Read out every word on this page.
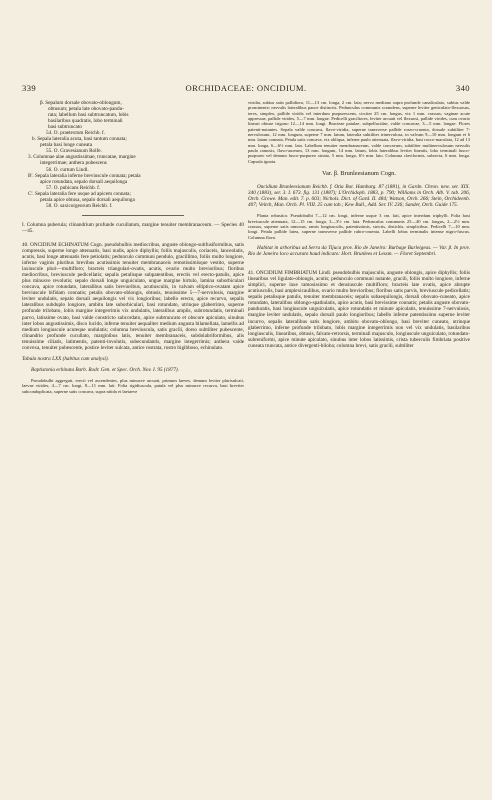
339	ORCHIDACEAE: ONCIDIUM.	340
β. Sepalum dorsale obovato-oblongum,
obtusum; petala late obovato-pandu-
rata; labellum basi subtruncatum, lobis
basilaribus quadratis, lobo terminali
basi subtruncato
54. O. praetextum Reichb. f.
b. Sepala lateralia acuta, basi tantum connata;
petala basi longe cuneata
55. O. Gravesianum Rolfe.
3. Columnae alae angustissimae, truncatae, margine
integerrimae; anthera pubescens
56. O. curtum Lindl.
B'. Sepala lateralia inferne breviuscule connata; petala
apice rotundata, sepalo dorsali aequilonga
57. O. pubicans Reichb. f.
C'. Sepala lateralia fere usque ad apicem connata;
petala apice obtusa, sepalo dorsali aequilonga
58. O. saxicorgeorum Reichb. f.
I. Columna puberula; clinandrium profunde cucullatum, margine tenuiter membranaceum. — Species 40—45.
40. ONCIDIUM ECHINATUM Cogn. pseudobulbis mediocribus, anguste oblongo-subfusiformibus, satis compressis, superne longe attenuatis, basi nudis, apice diphyllis; foliis majusculis, coriaceis, lanceolatis, acutis, basi longe attenuatis fere petiolatis; pedunculo communi pendulo, gracillimo, foliis multo longiore, inferne vaginis pluribus brevibus acutissimis tenuiter membranaceis remotissimisque vestito, superne laxiuscule pluri—multifloro; bracteis triangulari-ovatis, acutis, ovario multo brevioribus; floribus mediocribus, breviuscule pedicellatis; sepalis petalisque subpatentibus, erectis vel erecto-patulis, apice plus minusve revolutis; sepalo dorsali longe unguiculato, ungue margine hirtulo, lamina suborbiculari concava, apice rotundato, lateralibus satis brevioribus, acutiusculis, in valvam elliptico-ovatam apice breviuscule bifidam connatis; petalis obovato-oblongis, obtusis, tenuissime 5—7-nervulosis, margine leviter undulatis, sepalo dorsali aequilongis vel vix longioribus; labello erecto, apice recurvo, sepalis lateralibus subduplo longiore, ambitu late suborbiculari, basi rotundato, utrinque glaberrimo, superne profunde trilobato, lobis margine integerrimis vix undulatis, lateralibus amplis, subrotundatis, terminali parvo, latissime ovato, basi valde constricto subcordato, apice subtruncato et obscure apiculato, sinubus inter lobos angustissimis, disco lucido, inferne tenuiter aequaliter medium angusta bilamellata, lamellis ad medium longiuscule acuteque undulatis; columna breviuscula, satis gracili, dorso subtiliter pubescente, clinandrio profunde cucullato, marginibus latis, tenuiter membranaceis, subdolabriformibus, alis tenuissime ciliatis, latimentis, patenti-involutis, subecundantis, margine integerrimis; anthera valde convexa, tenuiter pubescente, postice leviter sulcata, antice rostrata, rostro bigibboso, echinulato.
Tabula nostra LXX (habitus cum analysi).
Baptistonia echinata Barb. Rodr. Gen. et Spec. Orch. Nov. I. 95 (1877).
Pseudobulbi aggregati, erecti vel ascendentes, plus minusve arcuati, primum laeves, demum leviter plurisulcati, laevae virides, 4—7 cm. longi, 8—11 mm. lati. Folia rigidiuscula, patula vel plus minusve recurva, basi breviter subconduplicata, superne satis concava, supra nitida et laetaeve
viridia, subtus satis pallidiora, 11—13 cm. longa, 2 cm. lata; nervo mediano supra profunde canaliculato, subtus valde prominente; nervulis lateralibus pauce distinctis. Pedunculus communis scrandens, superne leviter geniculato-flexuosus, teres, simplex, pallide viridis vel interdum purpurescens, circiter 25 cm. longus, vix 1 mm. crassus; vaginae acute appressae, pallide virides, 5—7 mm. longae. Pedicelli graciliores, leviter arcuati vel flexuosi, pallide virides, cum ovario lineari obtuse trigono 12—14 mm. longi. Bracteae patulae, subpellucidae, valde concavae, 3—5 mm. longae. Flores patenti-nutantes. Sepala valde concava, flavo-viridia, superne transverse pallide roseo-cruenta, dorsale subtiliter 7-nervulosum, 12 mm. longum, superne 7 mm. latum, lateralia subtiliter trinervulosa, in valvam 9—10 mm. longam et 6 mm. latam connata. Petala satis concava, vix obliqua, inferne paulo attenuata, flavo-viridia, basi rosco-maculata, 12 ad 13 mm. longa, 6—6½ mm. lata. Labellum tenuiter membranaceum, valde concavum, subtiliter multinervulosum nervulis paulo ramosis, flavo-aureum, 13 mm. longum, 14 mm. latum, lobis lateralibus leviter lineatis, lobo terminali fusco-purpureo vel demum fusco-purpureo striato, 5 mm. longo, 6½ mm. lato. Columna claviformis, subrecta, 6 mm. longa. Capsula ignota.
Var. β. Brunleesianum Cogn.
Oncidium Brunleesianum Reichb. f. Otia Bot. Hamburg. 87 (1881), in Gardn. Chron. new. ser. XIX. 340 (1883), ser. 3. I. 673. fig. 131 (1887); L'Orchidoph. 1883, p. 790; Williams in Orch. Alb. V. tab. 206, Orch. Growe. Man. edit. 7. p. 603; Nichols. Dict. of Gard. II. 484; Watson, Orch. 266; Stein, Orchideenb. 407; Veitch, Man. Orch. Pl. VIII. 25 cum tab.; Kew Bull., Add. Ser. IV. 236; Sander, Orch. Guide 175.
Planta robustior. Pseudobulbi 7—12 cm. longi, inferne usque 3 cm. lati, apice interdum triphylli. Folia basi breviuscule attenuata, 12—15 cm. longa, 3—3½ cm. lata. Pedunculus communis 25—40 cm. longus, 2—2½ mm. crassus, superne satis ramosus, ramis longiusculis, patentissimis, strictis, distichis, simplicibus. Pedicelli 7—10 mm. longi. Petala pallide lutea, superne transverse pallide rubro-cruenta. Labelli lobus terminalis intense nigro-fuscus. Columna flava.
Habitat in arboribus ad Serra da Tijuca prov. Rio de Janeiro: Burbage Burleigeas. — Var. β. In prov. Rio de Janeiro loco accurato haud indicato: Hort. Brunlees et Lessm. — Floret Septembri.
41. ONCIDIUM FIMBRIATUM Lindl. pseudobulbis majusculis, anguste oblongis, apice diphyllis; foliis linearibus vel ligulato-oblongis, acutis; pedunculo communi nutante, gracili, foliis multo longiore, inferne simplici, superne laxe ramosissimo et densiuscule multifloro; bracteis late ovatis, apice abrupte acutiusculis, basi amplexicaulibus, ovario multo brevioribus; floribus satis parvis, breviuscule pedicellatis; sepalis petalisque patulis, tenuiter membranaceis; sepalis subaequilongis, dorsali obovato-cuneato, apice rotundato, lateralibus oblongo-spathulatis, apice acutis, basi brevissime connatis; petalis anguste obovato-panduratis, basi longiuscule unguiculatis, apice rotundatis et minute apiculatis, tenuissime 7-nervulosis, margine leviter undulatis, sepalo dorsali paulo longioribus; labello inferne patentissimo superne leviter incurvo, sepalis lateralibus satis longiore, ambitu obovato-oblongo, basi breviter cuneato, utrinque glaberrimo, inferne profunde trilobato, lobis margine integerrimis non vel vix undulatis, basilaribus longiusculis, linearibus, obtusis, falcato-retrorsis, terminali majusculo, longiuscule unguiculato, rotundato-subreniformi, apice minute apiculato, sinubus inter lobos latissimis, crista tuberculis fimbriata positive cuneata truncata, antice divergenti-biloba; columna brevi, satis gracili, subtiliter
